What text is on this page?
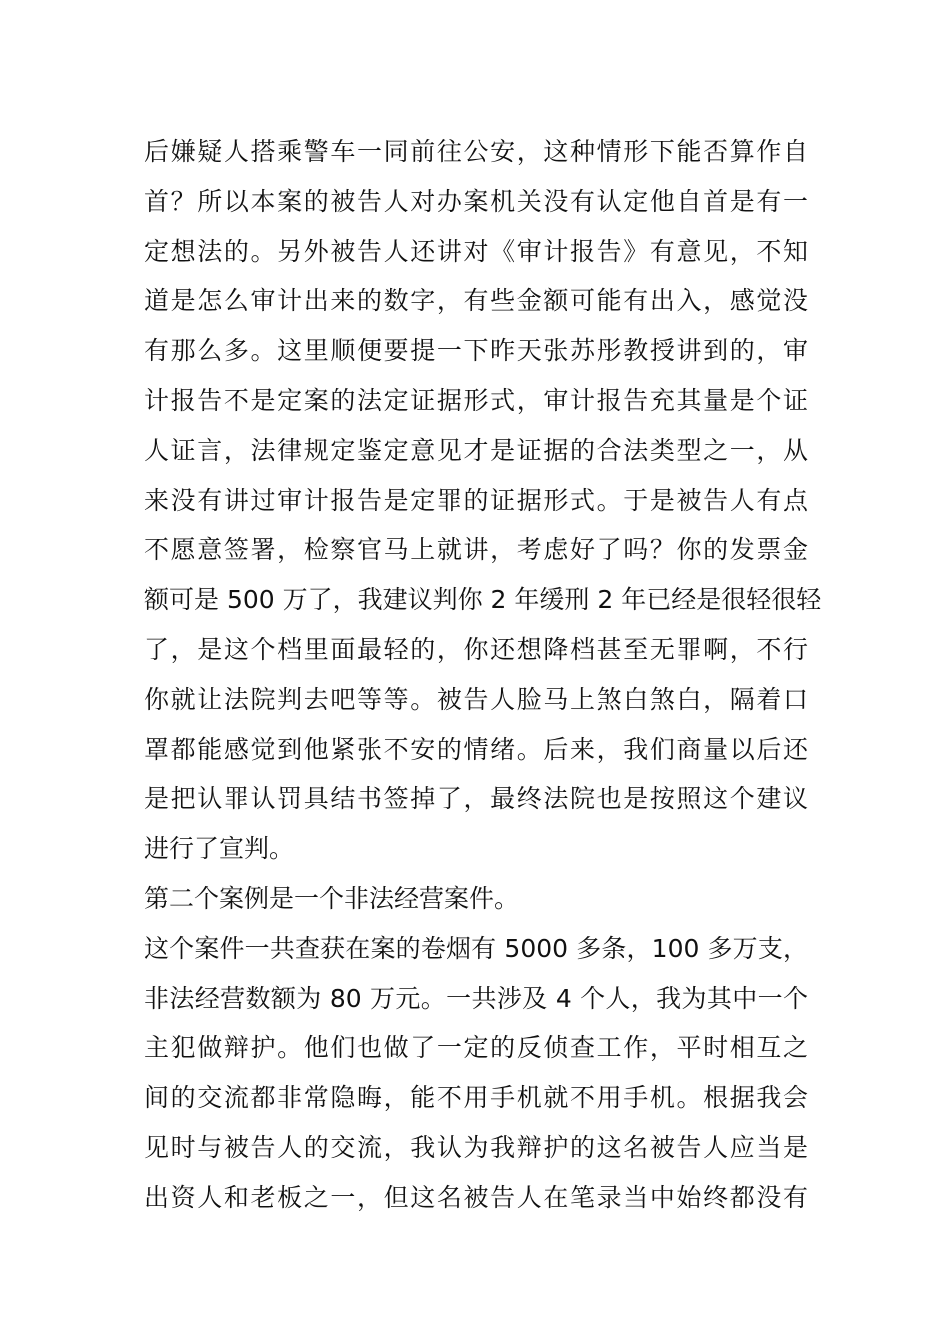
后嫌疑人搭乘警车一同前往公安，这种情形下能否算作自
首？所以本案的被告人对办案机关没有认定他自首是有一
定想法的。另外被告人还讲对《审计报告》有意见，不知
道是怎么审计出来的数字，有些金额可能有出入，感觉没
有那么多。这里顺便要提一下昨天张苏彤教授讲到的，审
计报告不是定案的法定证据形式，审计报告充其量是个证
人证言，法律规定鉴定意见才是证据的合法类型之一，从
来没有讲过审计报告是定罪的证据形式。于是被告人有点
不愿意签署，检察官马上就讲，考虑好了吗？你的发票金
额可是 500 万了，我建议判你 2 年缓刑 2 年已经是很轻很轻
了，是这个档里面最轻的，你还想降档甚至无罪啊，不行
你就让法院判去吧等等。被告人脸马上煞白煞白，隔着口
罩都能感觉到他紧张不安的情绪。后来，我们商量以后还
是把认罪认罚具结书签掉了，最终法院也是按照这个建议
进行了宣判。
第二个案例是一个非法经营案件。
这个案件一共查获在案的卷烟有 5000 多条，100 多万支，
非法经营数额为 80 万元。一共涉及 4 个人，我为其中一个
主犯做辩护。他们也做了一定的反侦查工作，平时相互之
间的交流都非常隐晦，能不用手机就不用手机。根据我会
见时与被告人的交流，我认为我辩护的这名被告人应当是
出资人和老板之一，但这名被告人在笔录当中始终都没有
